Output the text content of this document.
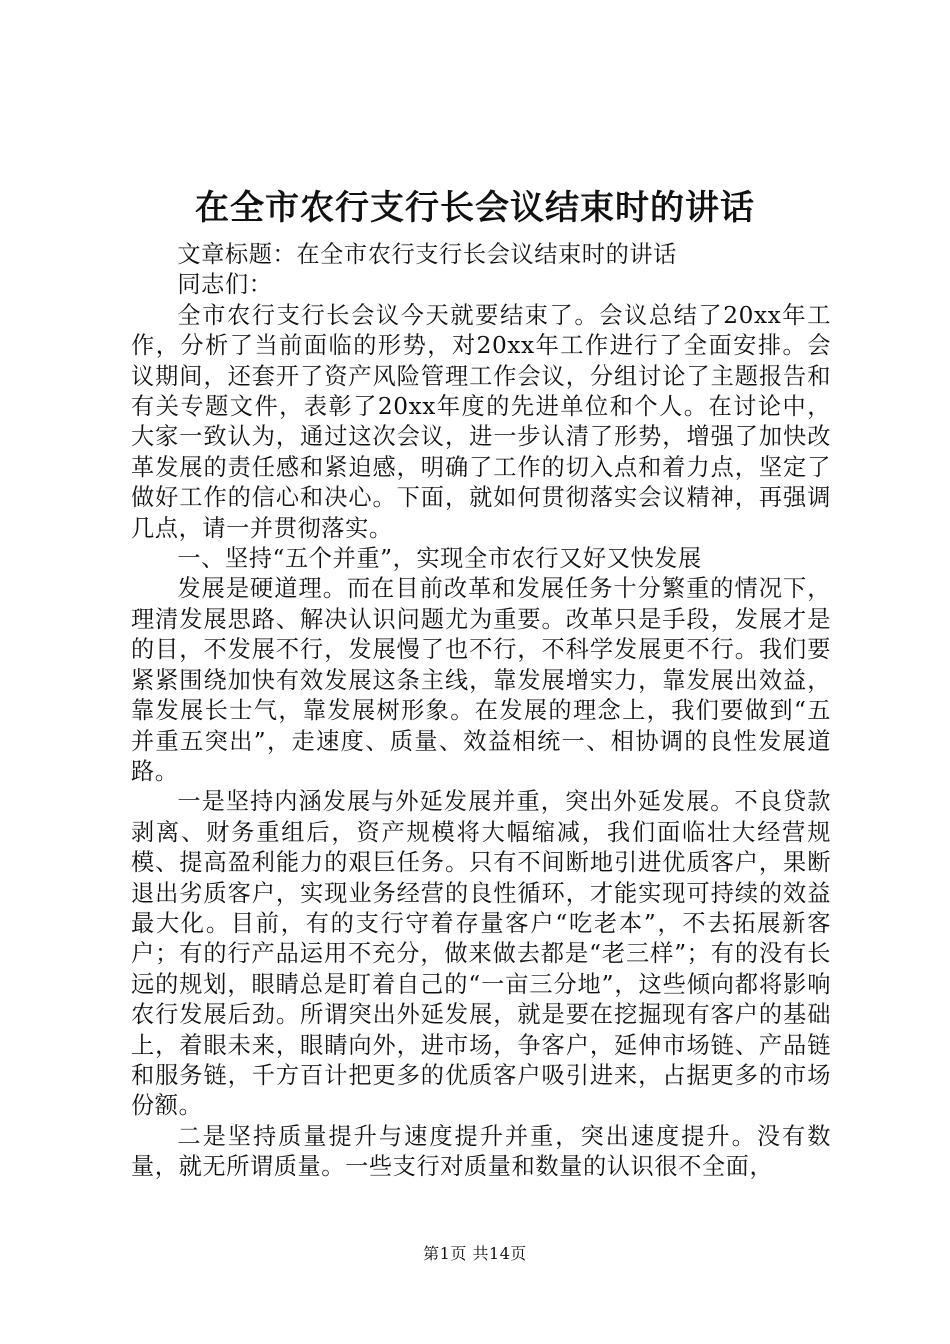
在全市农行支行长会议结束时的讲话

文章标题：在全市农行支行长会议结束时的讲话

同志们：

全市农行支行长会议今天就要结束了。会议总结了20xx年工作，分析了当前面临的形势，对20xx年工作进行了全面安排。会议期间，还套开了资产风险管理工作会议，分组讨论了主题报告和有关专题文件，表彰了20xx年度的先进单位和个人。在讨论中，大家一致认为，通过这次会议，进一步认清了形势，增强了加快改革发展的责任感和紧迫感，明确了工作的切入点和着力点，坚定了做好工作的信心和决心。下面，就如何贯彻落实会议精神，再强调几点，请一并贯彻落实。

一、坚持“五个并重”，实现全市农行又好又快发展

发展是硬道理。而在目前改革和发展任务十分繁重的情况下，理清发展思路、解决认识问题尤为重要。改革只是手段，发展才是的目，不发展不行，发展慢了也不行，不科学发展更不行。我们要紧紧围绕加快有效发展这条主线，靠发展增实力，靠发展出效益，靠发展长士气，靠发展树形象。在发展的理念上，我们要做到“五并重五突出”，走速度、质量、效益相统一、相协调的良性发展道路。

一是坚持内涵发展与外延发展并重，突出外延发展。不良贷款剥离、财务重组后，资产规模将大幅缩减，我们面临壮大经营规模、提高盈利能力的艰巨任务。只有不间断地引进优质客户，果断退出劣质客户，实现业务经营的良性循环，才能实现可持续的效益最大化。目前，有的支行守着存量客户“吃老本”，不去拓展新客户；有的行产品运用不充分，做来做去都是“老三样”；有的没有长远的规划，眼睛总是盯着自己的“一亩三分地”，这些倾向都将影响农行发展后劲。所谓突出外延发展，就是要在挖掘现有客户的基础上，着眼未来，眼睛向外，进市场，争客户，延伸市场链、产品链和服务链，千方百计把更多的优质客户吸引进来，占据更多的市场份额。

二是坚持质量提升与速度提升并重，突出速度提升。没有数量，就无所谓质量。一些支行对质量和数量的认识很不全面，

第1页 共14页
